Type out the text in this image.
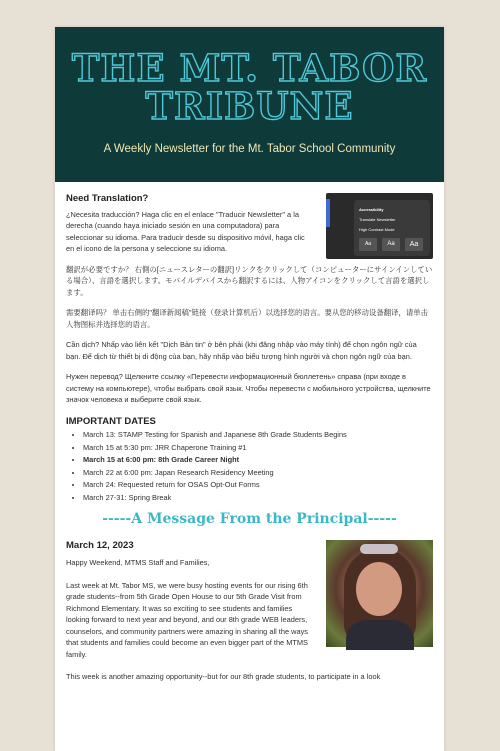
THE MT. TABOR TRIBUNE
A Weekly Newsletter for the Mt. Tabor School Community
Accessibility
Translate Newsletter
High Contrast Mode
Aa	Aa	Aa

Need Translation?

¿Necesita traducción? Haga clic en el enlace "Traducir Newsletter" a la derecha (cuando haya iniciado sesión en una computadora) para seleccionar su idioma. Para traducir desde su dispositivo móvil, haga clic en el icono de la persona y seleccione su idioma.

翻訳が必要ですか？ 右側の[ニュースレターの翻訳]リンクをクリックして（コンピューターにサインインしている場合）、言語を選択します。モバイルデバイスから翻訳するには、人物アイコンをクリックして言語を選択します。

需要翻译吗？ 单击右侧的"翻译新闻稿"链接（登录计算机后）以选择您的语言。要从您的移动设备翻译，请单击人物图标并选择您的语言。

Cần dịch? Nhấp vào liên kết "Dịch Bản tin" ở bên phải (khi đăng nhập vào máy tính) để chọn ngôn ngữ của bạn. Để dịch từ thiết bị di động của bạn, hãy nhấp vào biểu tượng hình người và chọn ngôn ngữ của bạn.

Нужен перевод? Щелкните ссылку «Перевести информационный бюллетень» справа (при входе в систему на компьютере), чтобы выбрать свой язык. Чтобы перевести с мобильного устройства, щелкните значок человека и выберите свой язык.

IMPORTANT DATES

• March 13: STAMP Testing for Spanish and Japanese 8th Grade Students Begins
• March 15 at 5:30 pm: JRR Chaperone Training #1
• March 15 at 6:00 pm: 8th Grade Career Night
• March 22 at 6:00 pm: Japan Research Residency Meeting
• March 24: Requested return for OSAS Opt-Out Forms
• March 27-31: Spring Break

-----A Message From the Principal-----

March 12, 2023

Happy Weekend, MTMS Staff and Families,

Last week at Mt. Tabor MS, we were busy hosting events for our rising 6th grade students--from 5th Grade Open House to our 5th Grade Visit from Richmond Elementary. It was so exciting to see students and families looking forward to next year and beyond, and our 8th grade WEB leaders, counselors, and community partners were amazing in sharing all the ways that students and families could become an even bigger part of the MTMS family.

This week is another amazing opportunity--but for our 8th grade students, to participate in a look
